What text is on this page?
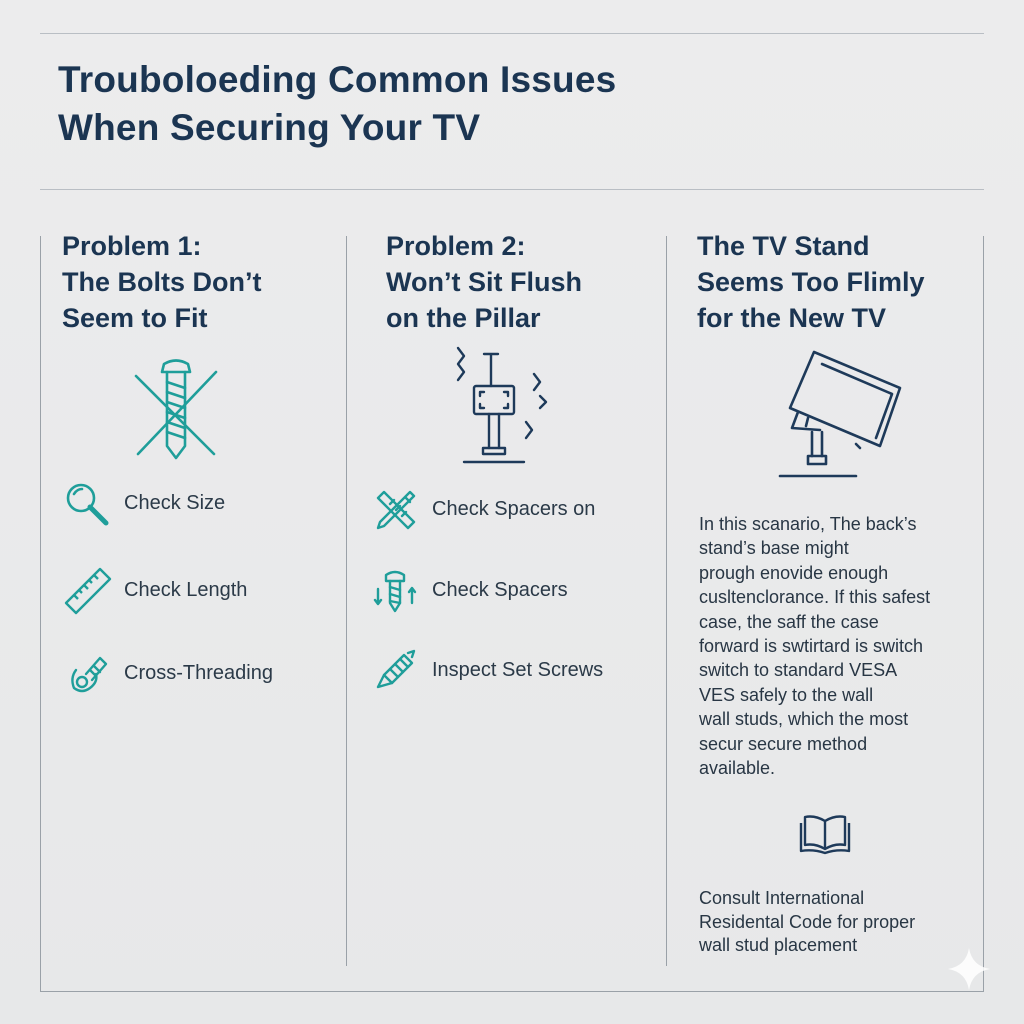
Trouboloeding Common Issues
When Securing Your TV
Problem 1:
The Bolts Don’t
Seem to Fit
Check Size
Check Length
Cross-Threading
Problem 2:
Won’t Sit Flush
on the Pillar
Check Spacers on
Check Spacers
Inspect Set Screws
The TV Stand
Seems Too Flimly
for the New TV
In this scanario, The back’s
stand’s base might
prough enovide enough
cusltenclorance. If this safest
case, the saff the case
forward is swtirtard is switch
switch to standard VESA
VES safely to the wall
wall studs, which the most
secur secure method
available.
Consult International
Residental Code for proper
wall stud placement
